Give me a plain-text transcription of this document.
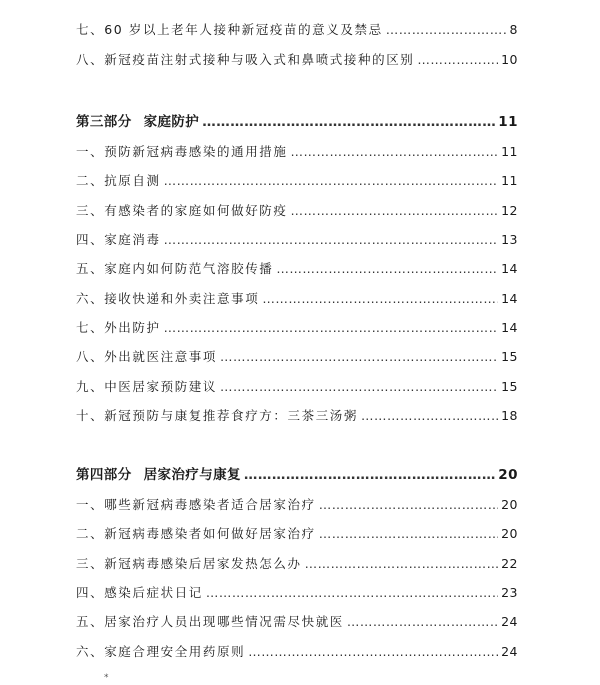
七、60 岁以上老年人接种新冠疫苗的意义及禁忌 ………………………………………………………………………………………………………………………………………………	8
八、新冠疫苗注射式接种与吸入式和鼻喷式接种的区别 ………………………………………………………………………………………………………………………………………………	10
第三部分 家庭防护 ………………………………………………………………………………………………………………………………………………	11
一、预防新冠病毒感染的通用措施 ………………………………………………………………………………………………………………………………………………	11
二、抗原自测 ………………………………………………………………………………………………………………………………………………	11
三、有感染者的家庭如何做好防疫 ………………………………………………………………………………………………………………………………………………	12
四、家庭消毒 ………………………………………………………………………………………………………………………………………………	13
五、家庭内如何防范气溶胶传播 ………………………………………………………………………………………………………………………………………………	14
六、接收快递和外卖注意事项 ………………………………………………………………………………………………………………………………………………	14
七、外出防护 ………………………………………………………………………………………………………………………………………………	14
八、外出就医注意事项 ………………………………………………………………………………………………………………………………………………	15
九、中医居家预防建议 ………………………………………………………………………………………………………………………………………………	15
十、新冠预防与康复推荐食疗方：三茶三汤粥 ………………………………………………………………………………………………………………………………………………	18
第四部分 居家治疗与康复 ………………………………………………………………………………………………………………………………………………	20
一、哪些新冠病毒感染者适合居家治疗 ………………………………………………………………………………………………………………………………………………	20
二、新冠病毒感染者如何做好居家治疗 ………………………………………………………………………………………………………………………………………………	20
三、新冠病毒感染后居家发热怎么办 ………………………………………………………………………………………………………………………………………………	22
四、感染后症状日记 ………………………………………………………………………………………………………………………………………………	23
五、居家治疗人员出现哪些情况需尽快就医 ………………………………………………………………………………………………………………………………………………	24
六、家庭合理安全用药原则 ………………………………………………………………………………………………………………………………………………	24
*
